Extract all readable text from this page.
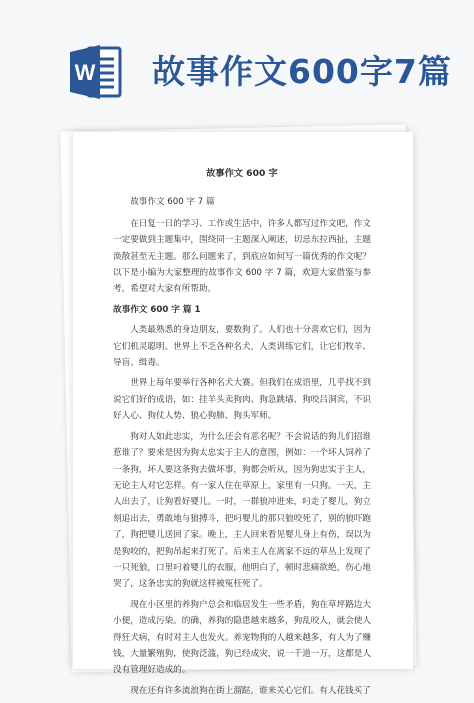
W 故事作文600字7篇
故事作文 600 字
故事作文 600 字 7 篇

在日复一日的学习、工作或生活中，许多人都写过作文吧，作文一定要做到主题集中，围绕同一主题深入阐述，切忌东拉西扯，主题涣散甚至无主题。那么问题来了，到底应如何写一篇优秀的作文呢？以下是小编为大家整理的故事作文 600 字 7 篇，欢迎大家借鉴与参考，希望对大家有所帮助。

故事作文 600 字 篇 1

人类最熟悉的身边朋友，要数狗了。人们也十分喜欢它们，因为它们机灵聪明。世界上不乏各种名犬，人类训练它们，让它们牧羊、导盲、缉毒。

世界上每年要举行各种名犬大赛。但我们在成语里，几乎找不到说它们好的成语，如：挂羊头卖狗肉、狗急跳墙、狗咬吕洞宾，不识好人心、狗仗人势、狼心狗肺、狗头军师。

狗对人如此忠实，为什么还会有恶名呢？不会说话的狗儿们招谁惹谁了？要来是因为狗太忠实于主人的意图，例如：一个坏人饲养了一条狗，坏人要这条狗去做坏事，狗都会听从，因为狗忠实于主人，无论主人对它怎样。有一家人住在草原上，家里有一只狗。一天，主人出去了，让狗看好婴儿。一时，一群狼冲进来，叼走了婴儿，狗立刻追出去，勇敢地与狼搏斗，把叼婴儿的那只狼咬死了，别的狼吓跑了，狗把婴儿送回了家。晚上，主人回来看见婴儿身上有伤，误以为是狗咬的，把狗吊起来打死了。后来主人在离家不远的草丛上发现了一只死狼，口里叼着婴儿的衣服，他明白了，顿时悲痛欲绝，伤心地哭了，这条忠实的狗就这样被冤枉死了。

现在小区里的养狗户总会和临居发生一些矛盾，狗在草坪路边大小便，造成污染。的确，养狗的隐患越来越多，狗乱咬人，就会使人得狂犬病，有时对主人也发火。养宠物狗的人越来越多，有人为了赚钱，大量繁殖狗，使狗泛滥，狗已经成灾，说一千道一万，这都是人没有管理好造成的。

现在还有许多流浪狗在街上溜跶，谁来关心它们。有人花钱买了
